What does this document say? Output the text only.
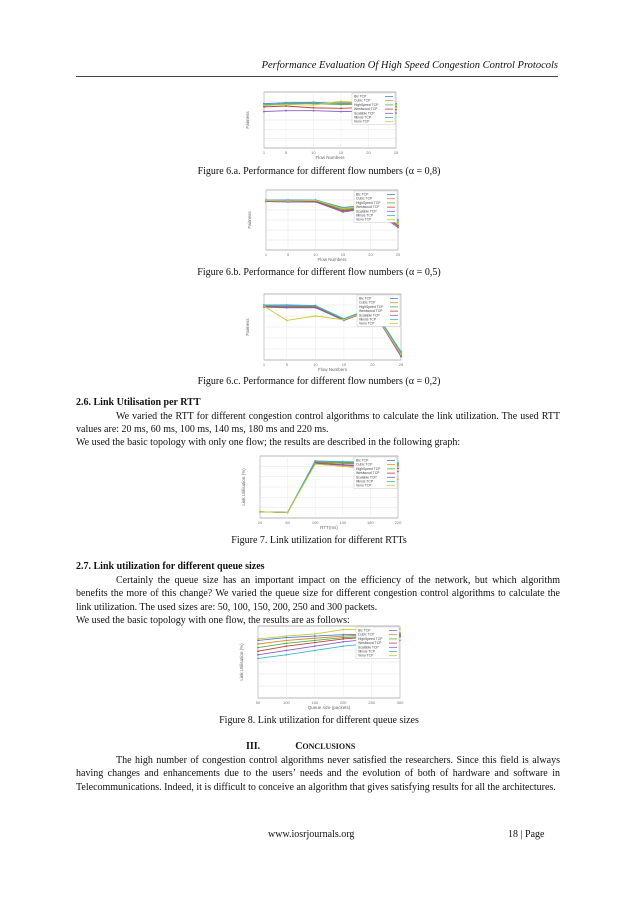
Performance Evaluation Of High Speed Congestion Control Protocols
1	5	10	15	20	25
Flow Numbers
Fairness
Bic TCP
Cubic TCP
HighSpeed TCP
Westwood TCP
Scalable TCP
Illinois TCP
Veno TCP
Figure 6.a. Performance for different flow numbers (α = 0,8)
1	5	10	15	20	25
Flow Numbers
Fairness
Bic TCP
Cubic TCP
HighSpeed TCP
Westwood TCP
Scalable TCP
Illinois TCP
Veno TCP
Figure 6.b. Performance for different flow numbers (α = 0,5)
1	5	10	15	20	25
Flow Numbers
Fairness
Bic TCP
Cubic TCP
HighSpeed TCP
Westwood TCP
Scalable TCP
Illinois TCP
Veno TCP
Figure 6.c. Performance for different flow numbers (α = 0,2)
2.6. Link Utilisation per RTT
We varied the RTT for different congestion control algorithms to calculate the link utilization. The used RTT values are: 20 ms, 60 ms, 100 ms, 140 ms, 180 ms and 220 ms.
We used the basic topology with only one flow; the results are described in the following graph:
20	60	100	140	180	220
RTT(ms)
Link Utilisation (%)
Bic TCP
Cubic TCP
HighSpeed TCP
Westwood TCP
Scalable TCP
Illinois TCP
Veno TCP
Figure 7. Link utilization for different RTTs
2.7. Link utilization for different queue sizes
Certainly the queue size has an important impact on the efficiency of the network, but which algorithm benefits the more of this change? We varied the queue size for different congestion control algorithms to calculate the link utilization. The used sizes are: 50, 100, 150, 200, 250 and 300 packets.
We used the basic topology with one flow, the results are as follows:
50	100	150	200	250	300
Queue size (packets)
Link Utilisation (%)
Bic TCP
Cubic TCP
HighSpeed TCP
Westwood TCP
Scalable TCP
Illinois TCP
Veno TCP
Figure 8. Link utilization for different queue sizes
III.	CONCLUSIONS
The high number of congestion control algorithms never satisfied the researchers. Since this field is always having changes and enhancements due to the users’ needs and the evolution of both of hardware and software in Telecommunications. Indeed, it is difficult to conceive an algorithm that gives satisfying results for all the architectures.
www.iosrjournals.org	18 | Page
